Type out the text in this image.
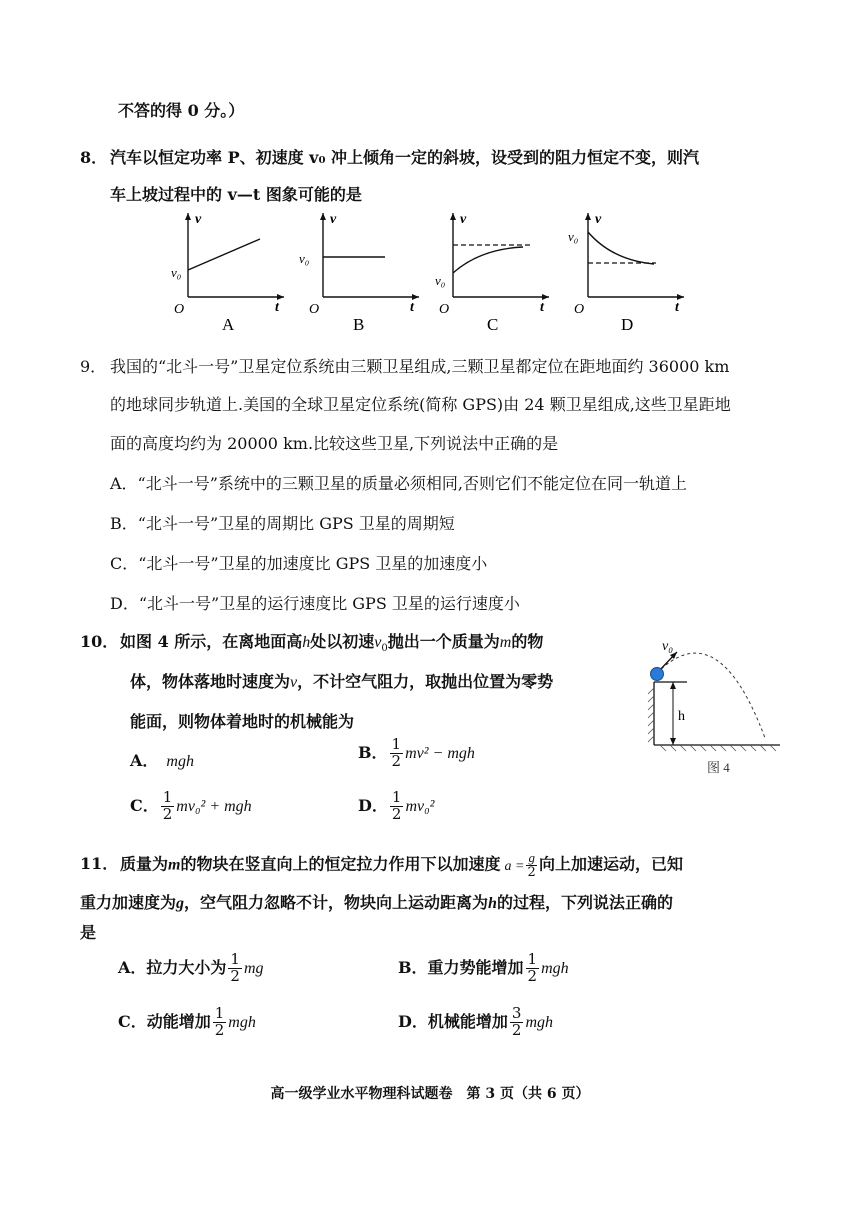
不答的得 0 分。）
8． 汽车以恒定功率 P、初速度 v₀ 冲上倾角一定的斜坡，设受到的阻力恒定不变，则汽
车上坡过程中的 v—t 图象可能的是
v
t
O
v₀
A
v
t
O
v₀
B
v
t
O
v₀
C
v
t
O
v₀
D
9． 我国的“北斗一号”卫星定位系统由三颗卫星组成,三颗卫星都定位在距地面约 36000 km
的地球同步轨道上.美国的全球卫星定位系统(简称 GPS)由 24 颗卫星组成,这些卫星距地
面的高度均约为 20000 km.比较这些卫星,下列说法中正确的是
A．“北斗一号”系统中的三颗卫星的质量必须相同,否则它们不能定位在同一轨道上
B．“北斗一号”卫星的周期比 GPS 卫星的周期短
C．“北斗一号”卫星的加速度比 GPS 卫星的加速度小
D．“北斗一号”卫星的运行速度比 GPS 卫星的运行速度小
10． 如图 4 所示，在离地面高h处以初速$v_0$抛出一个质量为m的物
体，物体落地时速度为v，不计空气阻力，取抛出位置为零势
能面，则物体着地时的机械能为
A． mgh	B． $\frac{1}{2} mv^2$ − mgh
C． $\frac{1}{2} mv_0^2$ + mgh	D． $\frac{1}{2} mv_0^2$
h
v₀
图 4
11． 质量为m的物块在竖直向上的恒定拉力作用下以加速度 $a = \frac{g}{2}$ 向上加速运动，已知
重力加速度为g，空气阻力忽略不计，物块向上运动距离为h的过程，下列说法正确的
是
A．拉力大小为 $\frac{1}{2}$ mg	B．重力势能增加 $\frac{1}{2}$ mgh
C．动能增加 $\frac{1}{2}$ mgh	D．机械能增加 $\frac{3}{2}$ mgh
高一级学业水平物理科试题卷　第 3 页（共 6 页）
